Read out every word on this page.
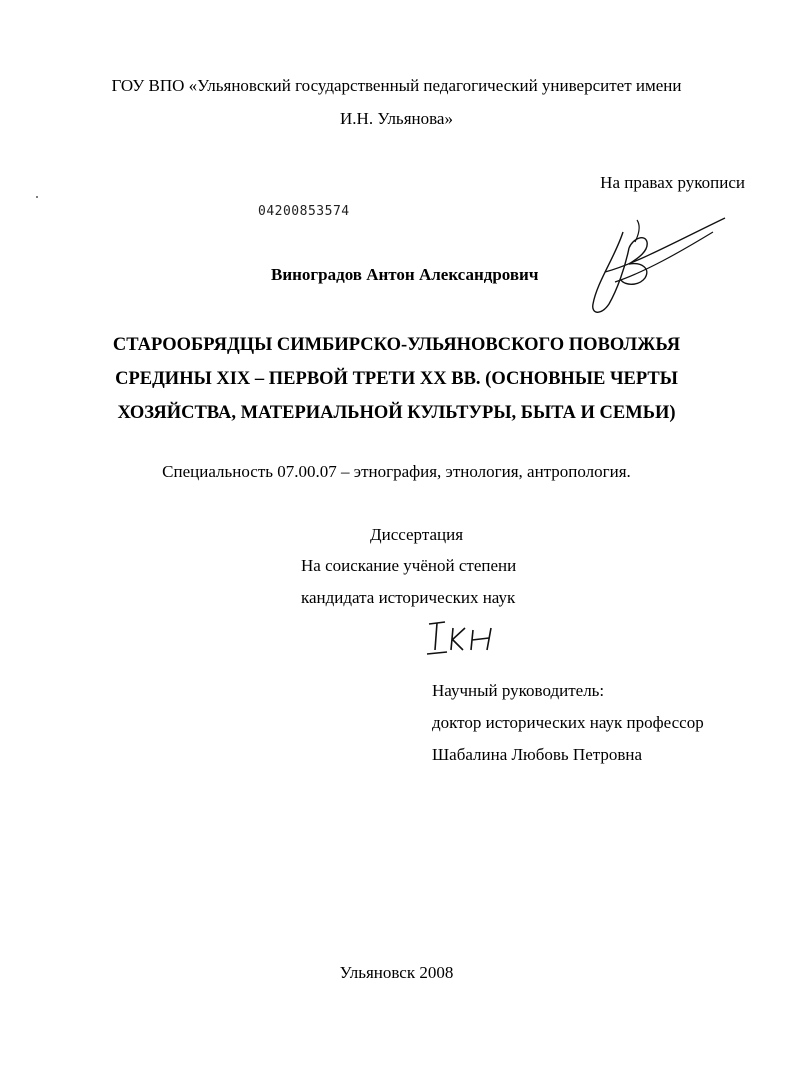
ГОУ ВПО «Ульяновский государственный педагогический университет имени
И.Н. Ульянова»
На правах рукописи
04200853574
Виноградов Антон Александрович
СТАРООБРЯДЦЫ СИМБИРСКО-УЛЬЯНОВСКОГО ПОВОЛЖЬЯ
СРЕДИНЫ XIX – ПЕРВОЙ ТРЕТИ XX ВВ. (ОСНОВНЫЕ ЧЕРТЫ
ХОЗЯЙСТВА, МАТЕРИАЛЬНОЙ КУЛЬТУРЫ, БЫТА И СЕМЬИ)
Специальность 07.00.07 – этнография, этнология, антропология.
Диссертация
На соискание учёной степени
кандидата исторических наук
Научный руководитель:
доктор исторических наук профессор
Шабалина Любовь Петровна
Ульяновск 2008
